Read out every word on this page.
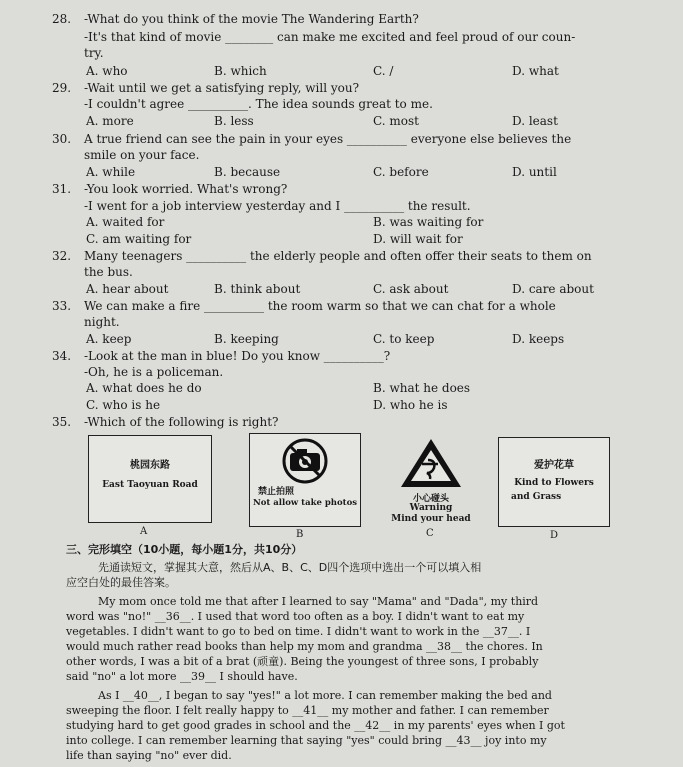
28. -What do you think of the movie The Wandering Earth?
-It's that kind of movie ________ can make me excited and feel proud of our coun-
try.
A. who	B. which	C. /	D. what
29. -Wait until we get a satisfying reply, will you?
-I couldn't agree __________. The idea sounds great to me.
A. more	B. less	C. most	D. least
30. A true friend can see the pain in your eyes __________ everyone else believes the
smile on your face.
A. while	B. because	C. before	D. until
31. -You look worried. What's wrong?
-I went for a job interview yesterday and I __________ the result.
A. waited for	B. was waiting for
C. am waiting for	D. will wait for
32. Many teenagers __________ the elderly people and often offer their seats to them on
the bus.
A. hear about	B. think about	C. ask about	D. care about
33. We can make a fire __________ the room warm so that we can chat for a whole
night.
A. keep	B. keeping	C. to keep	D. keeps
34. -Look at the man in blue! Do you know __________?
-Oh, he is a policeman.
A. what does he do	B. what he does
C. who is he	D. who he is
35. -Which of the following is right?
桃园东路
East Taoyuan Road
A
禁止拍照
Not allow take photos
B
小心碰头
Warning
Mind your head
C
爱护花草
Kind to Flowers
and Grass
D
三、完形填空（10小题，每小题1分，共10分）
先通读短文，掌握其大意，然后从A、B、C、D四个选项中选出一个可以填入相
应空白处的最佳答案。
My mom once told me that after I learned to say "Mama" and "Dada", my third
word was "no!" __36__. I used that word too often as a boy. I didn't want to eat my
vegetables. I didn't want to go to bed on time. I didn't want to work in the __37__. I
would much rather read books than help my mom and grandma __38__ the chores. In
other words, I was a bit of a brat (顽童). Being the youngest of three sons, I probably
said "no" a lot more __39__ I should have.
As I __40__, I began to say "yes!" a lot more. I can remember making the bed and
sweeping the floor. I felt really happy to __41__ my mother and father. I can remember
studying hard to get good grades in school and the __42__ in my parents' eyes when I got
into college. I can remember learning that saying "yes" could bring __43__ joy into my
life than saying "no" ever did.
